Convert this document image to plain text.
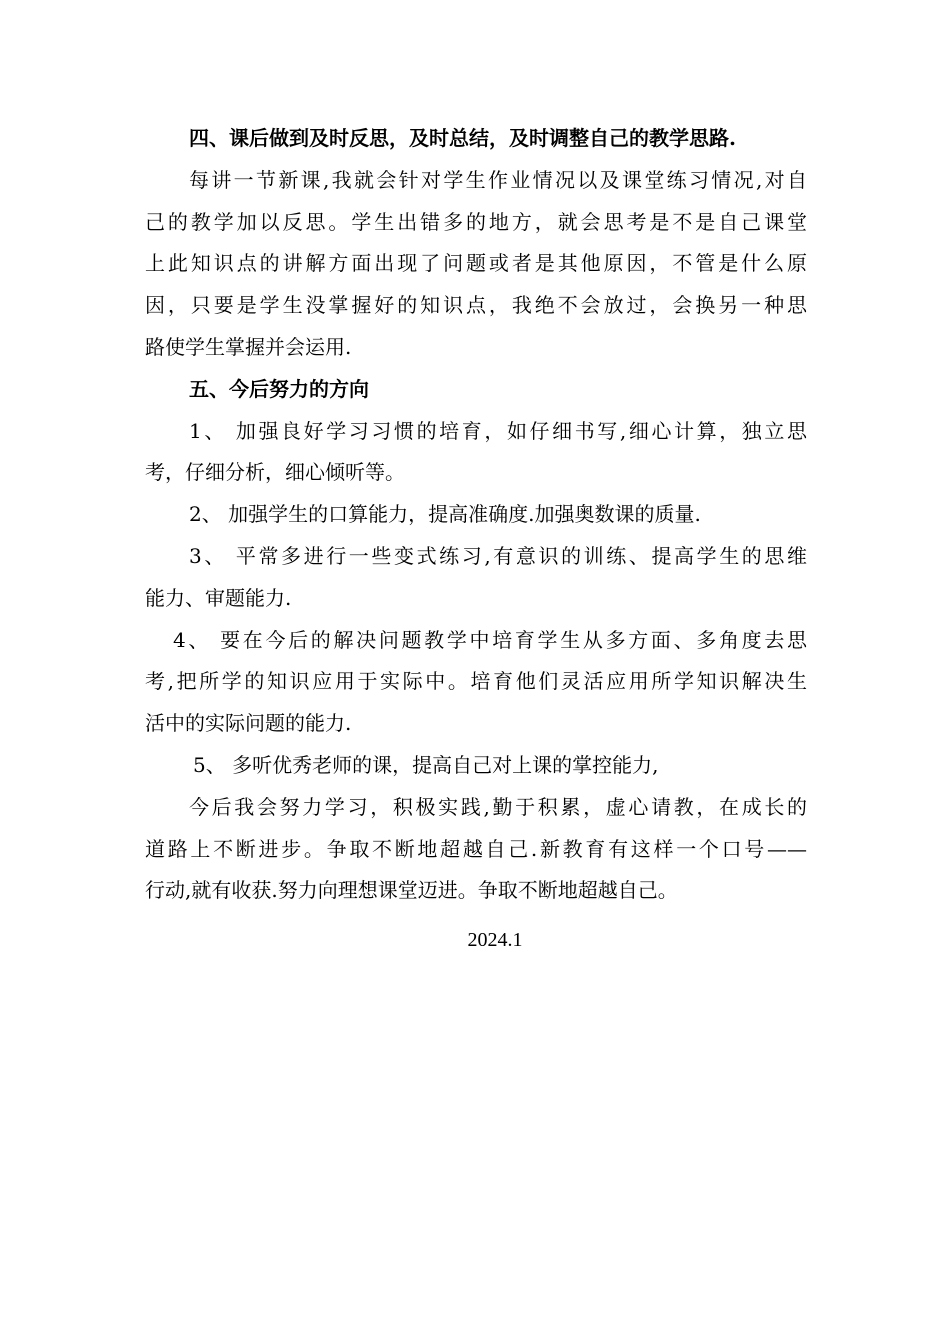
四、课后做到及时反思，及时总结，及时调整自己的教学思路.
每讲一节新课,我就会针对学生作业情况以及课堂练习情况,对自
己的教学加以反思。学生出错多的地方，就会思考是不是自己课堂
上此知识点的讲解方面出现了问题或者是其他原因，不管是什么原
因，只要是学生没掌握好的知识点，我绝不会放过，会换另一种思
路使学生掌握并会运用.
五、今后努力的方向
1、 加强良好学习习惯的培育，如仔细书写,细心计算，独立思
考，仔细分析，细心倾听等。
2、 加强学生的口算能力，提高准确度.加强奥数课的质量.
3、 平常多进行一些变式练习,有意识的训练、提高学生的思维
能力、审题能力.
4、 要在今后的解决问题教学中培育学生从多方面、多角度去思
考,把所学的知识应用于实际中。培育他们灵活应用所学知识解决生
活中的实际问题的能力.
5、 多听优秀老师的课，提高自己对上课的掌控能力,
今后我会努力学习，积极实践,勤于积累，虚心请教，在成长的
道路上不断进步。争取不断地超越自己.新教育有这样一个口号——
行动,就有收获.努力向理想课堂迈进。争取不断地超越自己。
2024.1
